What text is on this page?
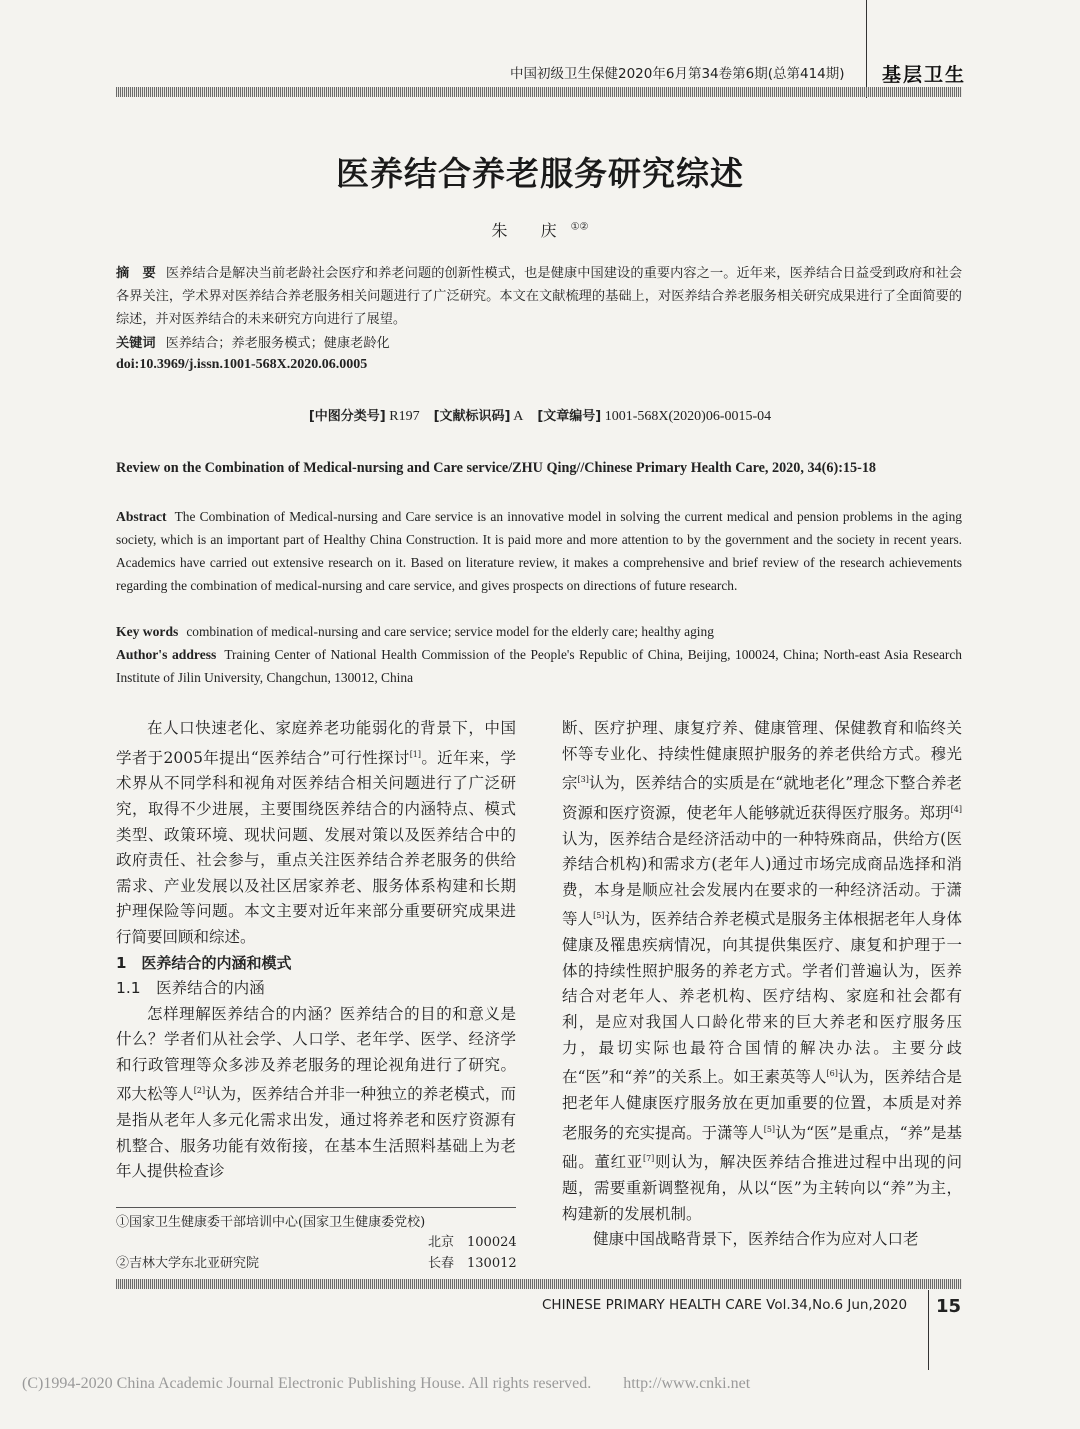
中国初级卫生保健2020年6月第34卷第6期(总第414期) 基层卫生
医养结合养老服务研究综述
朱 庆①②
摘　要 医养结合是解决当前老龄社会医疗和养老问题的创新性模式，也是健康中国建设的重要内容之一。近年来，医养结合日益受到政府和社会各界关注，学术界对医养结合养老服务相关问题进行了广泛研究。本文在文献梳理的基础上，对医养结合养老服务相关研究成果进行了全面简要的综述，并对医养结合的未来研究方向进行了展望。
关键词 医养结合；养老服务模式；健康老龄化
doi:10.3969/j.issn.1001-568X.2020.06.0005
[中图分类号] R197 [文献标识码] A [文章编号] 1001-568X(2020)06-0015-04
Review on the Combination of Medical-nursing and Care service/ZHU Qing//Chinese Primary Health Care, 2020, 34(6):15-18
Abstract The Combination of Medical-nursing and Care service is an innovative model in solving the current medical and pension problems in the aging society, which is an important part of Healthy China Construction. It is paid more and more attention to by the government and the society in recent years. Academics have carried out extensive research on it. Based on literature review, it makes a comprehensive and brief review of the research achievements regarding the combination of medical-nursing and care service, and gives prospects on directions of future research.
Key words combination of medical-nursing and care service; service model for the elderly care; healthy aging
Author's address Training Center of National Health Commission of the People's Republic of China, Beijing, 100024, China; North-east Asia Research Institute of Jilin University, Changchun, 130012, China

在人口快速老化、家庭养老功能弱化的背景下，中国学者于2005年提出“医养结合”可行性探讨[1]。近年来，学术界从不同学科和视角对医养结合相关问题进行了广泛研究，取得不少进展，主要围绕医养结合的内涵特点、模式类型、政策环境、现状问题、发展对策以及医养结合中的政府责任、社会参与，重点关注医养结合养老服务的供给需求、产业发展以及社区居家养老、服务体系构建和长期护理保险等问题。本文主要对近年来部分重要研究成果进行简要回顾和综述。

1　医养结合的内涵和模式
1.1　医养结合的内涵

怎样理解医养结合的内涵？医养结合的目的和意义是什么？学者们从社会学、人口学、老年学、医学、经济学和行政管理等众多涉及养老服务的理论视角进行了研究。邓大松等人[2]认为，医养结合并非一种独立的养老模式，而是指从老年人多元化需求出发，通过将养老和医疗资源有机整合、服务功能有效衔接，在基本生活照料基础上为老年人提供检查诊

断、医疗护理、康复疗养、健康管理、保健教育和临终关怀等专业化、持续性健康照护服务的养老供给方式。穆光宗[3]认为，医养结合的实质是在“就地老化”理念下整合养老资源和医疗资源，使老年人能够就近获得医疗服务。郑玥[4]认为，医养结合是经济活动中的一种特殊商品，供给方(医养结合机构)和需求方(老年人)通过市场完成商品选择和消费，本身是顺应社会发展内在要求的一种经济活动。于潇等人[5]认为，医养结合养老模式是服务主体根据老年人身体健康及罹患疾病情况，向其提供集医疗、康复和护理于一体的持续性照护服务的养老方式。学者们普遍认为，医养结合对老年人、养老机构、医疗结构、家庭和社会都有利，是应对我国人口龄化带来的巨大养老和医疗服务压力，最切实际也最符合国情的解决办法。主要分歧在“医”和“养”的关系上。如王素英等人[6]认为，医养结合是把老年人健康医疗服务放在更加重要的位置，本质是对养老服务的充实提高。于潇等人[5]认为“医”是重点，“养”是基础。董红亚[7]则认为，解决医养结合推进过程中出现的问题，需要重新调整视角，从以“医”为主转向以“养”为主，构建新的发展机制。

健康中国战略背景下，医养结合作为应对人口老

①国家卫生健康委干部培训中心(国家卫生健康委党校)
北京　100024
②吉林大学东北亚研究院	长春　130012
CHINESE PRIMARY HEALTH CARE Vol.34,No.6 Jun,2020 15
(C)1994-2020 China Academic Journal Electronic Publishing House. All rights reserved.　　http://www.cnki.net
